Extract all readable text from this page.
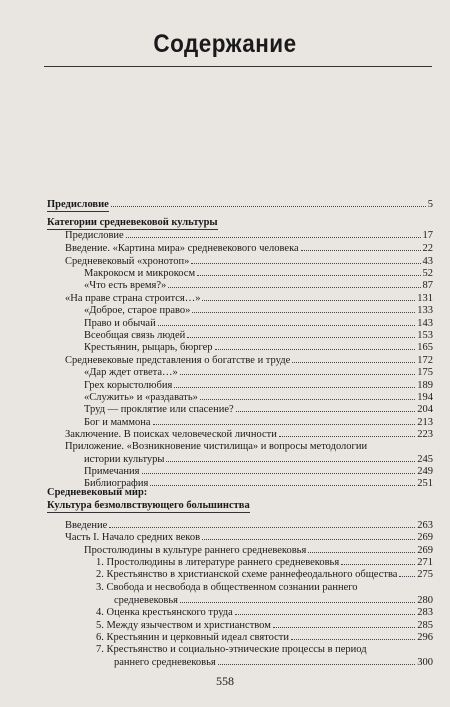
Содержание
Предисловие	5
Категории средневековой культуры
Предисловие	17
Введение. «Картина мира» средневекового человека	22
Средневековый «хронотоп»	43
Макрокосм и микрокосм	52
«Что есть время?»	87
«На праве страна строится…»	131
«Доброе, старое право»	133
Право и обычай	143
Всеобщая связь людей	153
Крестьянин, рыцарь, бюргер	165
Средневековые представления о богатстве и труде	172
«Дар ждет ответа…»	175
Грех корыстолюбия	189
«Служить» и «раздавать»	194
Труд — проклятие или спасение?	204
Бог и маммона	213
Заключение. В поисках человеческой личности	223
Приложение. «Возникновение чистилища» и вопросы методологии
истории культуры	245
Примечания	249
Библиография	251
Средневековый мир:
Культура безмолвствующего большинства
Введение	263
Часть I. Начало средних веков	269
Простолюдины в культуре раннего средневековья	269
1. Простолюдины в литературе раннего средневековья	271
2. Крестьянство в христианской схеме раннефеодального общества 275
3. Свобода и несвобода в общественном сознании раннего
средневековья	280
4. Оценка крестьянского труда	283
5. Между язычеством и христианством	285
6. Крестьянин и церковный идеал святости	296
7. Крестьянство и социально-этнические процессы в период
раннего средневековья	300
558
